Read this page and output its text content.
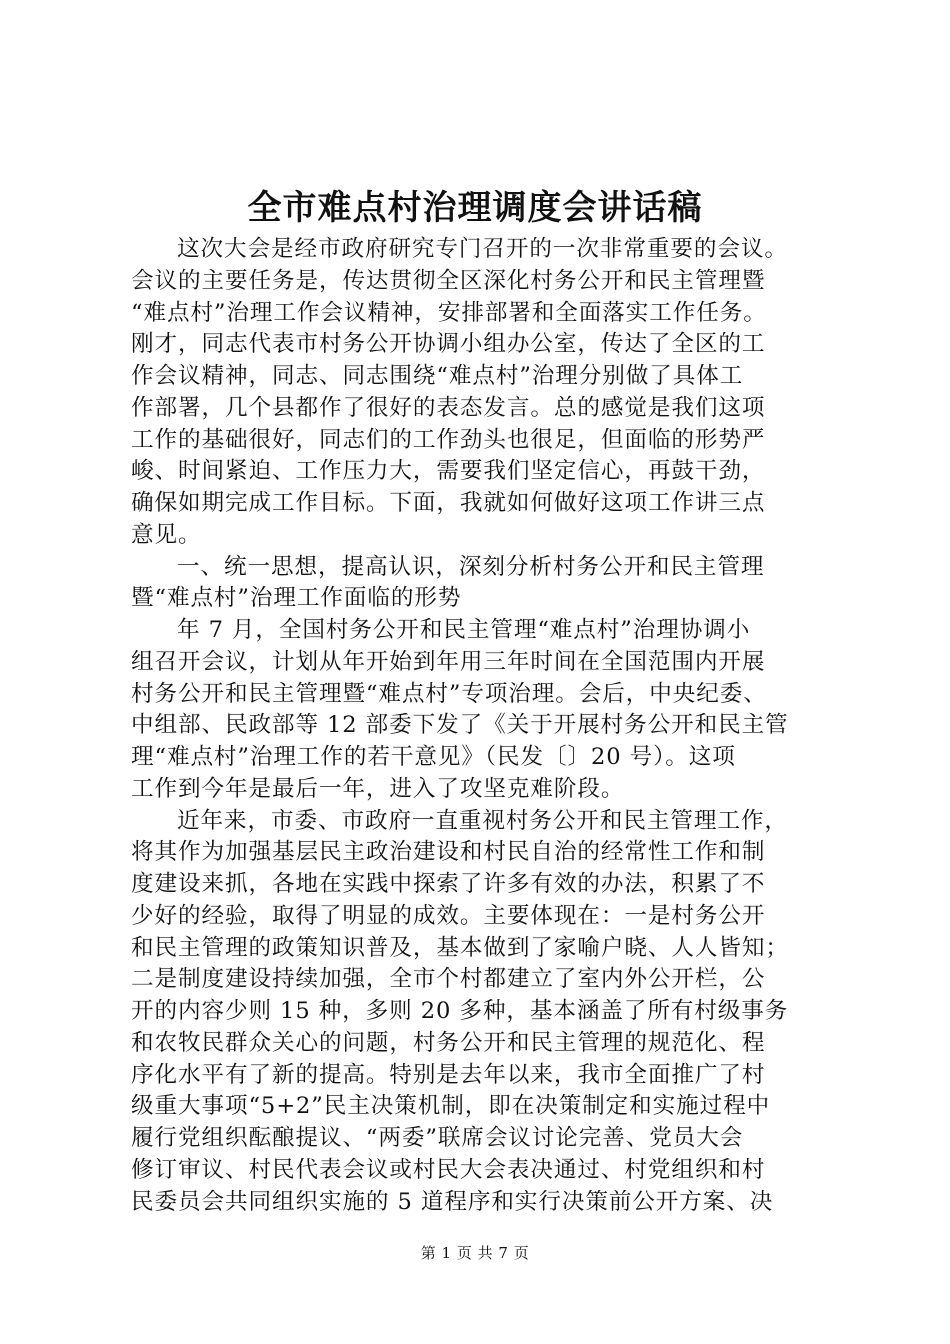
全市难点村治理调度会讲话稿
这次大会是经市政府研究专门召开的一次非常重要的会议。
会议的主要任务是，传达贯彻全区深化村务公开和民主管理暨
“难点村”治理工作会议精神，安排部署和全面落实工作任务。
刚才，同志代表市村务公开协调小组办公室，传达了全区的工
作会议精神，同志、同志围绕“难点村”治理分别做了具体工
作部署，几个县都作了很好的表态发言。总的感觉是我们这项
工作的基础很好，同志们的工作劲头也很足，但面临的形势严
峻、时间紧迫、工作压力大，需要我们坚定信心，再鼓干劲，
确保如期完成工作目标。下面，我就如何做好这项工作讲三点
意见。
一、统一思想，提高认识，深刻分析村务公开和民主管理
暨“难点村”治理工作面临的形势
年 7 月，全国村务公开和民主管理“难点村”治理协调小
组召开会议，计划从年开始到年用三年时间在全国范围内开展
村务公开和民主管理暨“难点村”专项治理。会后，中央纪委、
中组部、民政部等 12 部委下发了《关于开展村务公开和民主管
理“难点村”治理工作的若干意见》（民发〔〕20 号）。这项
工作到今年是最后一年，进入了攻坚克难阶段。
近年来，市委、市政府一直重视村务公开和民主管理工作，
将其作为加强基层民主政治建设和村民自治的经常性工作和制
度建设来抓，各地在实践中探索了许多有效的办法，积累了不
少好的经验，取得了明显的成效。主要体现在：一是村务公开
和民主管理的政策知识普及，基本做到了家喻户晓、人人皆知；
二是制度建设持续加强，全市个村都建立了室内外公开栏，公
开的内容少则 15 种，多则 20 多种，基本涵盖了所有村级事务
和农牧民群众关心的问题，村务公开和民主管理的规范化、程
序化水平有了新的提高。特别是去年以来，我市全面推广了村
级重大事项“5+2”民主决策机制，即在决策制定和实施过程中
履行党组织酝酿提议、“两委”联席会议讨论完善、党员大会
修订审议、村民代表会议或村民大会表决通过、村党组织和村
民委员会共同组织实施的 5 道程序和实行决策前公开方案、决
第 1 页 共 7 页
